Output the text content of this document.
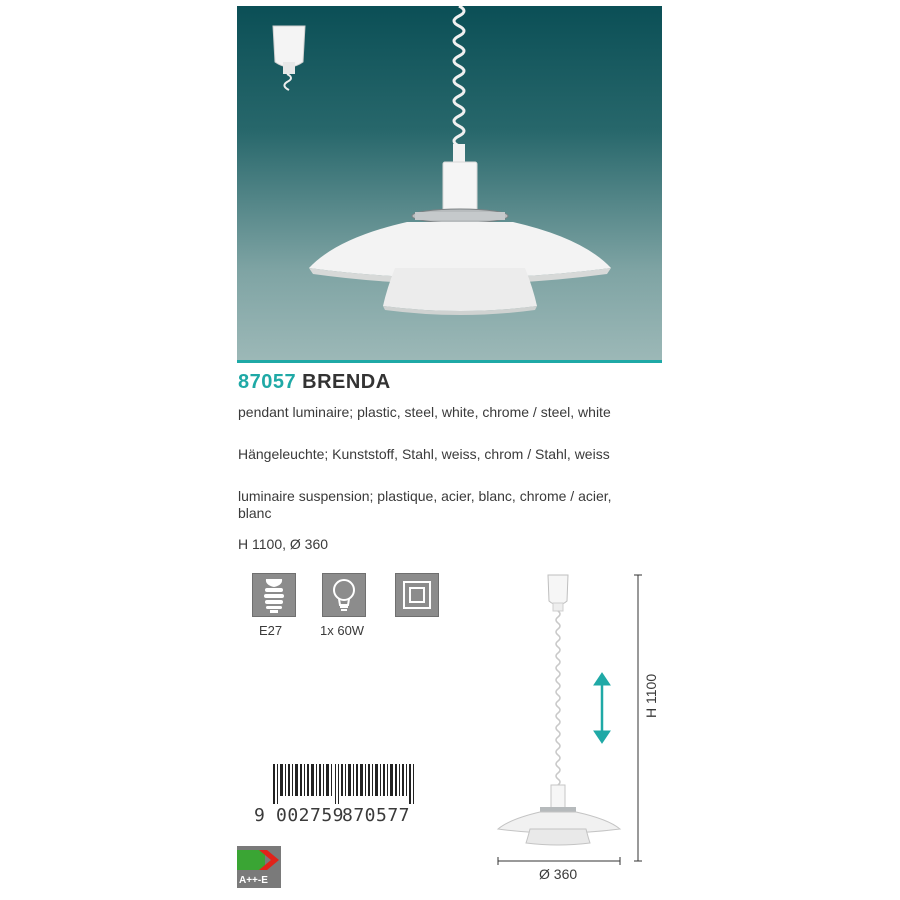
87057 BRENDA
pendant luminaire; plastic, steel, white, chrome / steel, white
Hängeleuchte; Kunststoff, Stahl, weiss, chrom / Stahl, weiss
luminaire suspension; plastique, acier, blanc, chrome / acier, blanc
H 1100, Ø 360
E27	1x 60W
9 002759
870577
A++-E
H 1100
Ø 360
